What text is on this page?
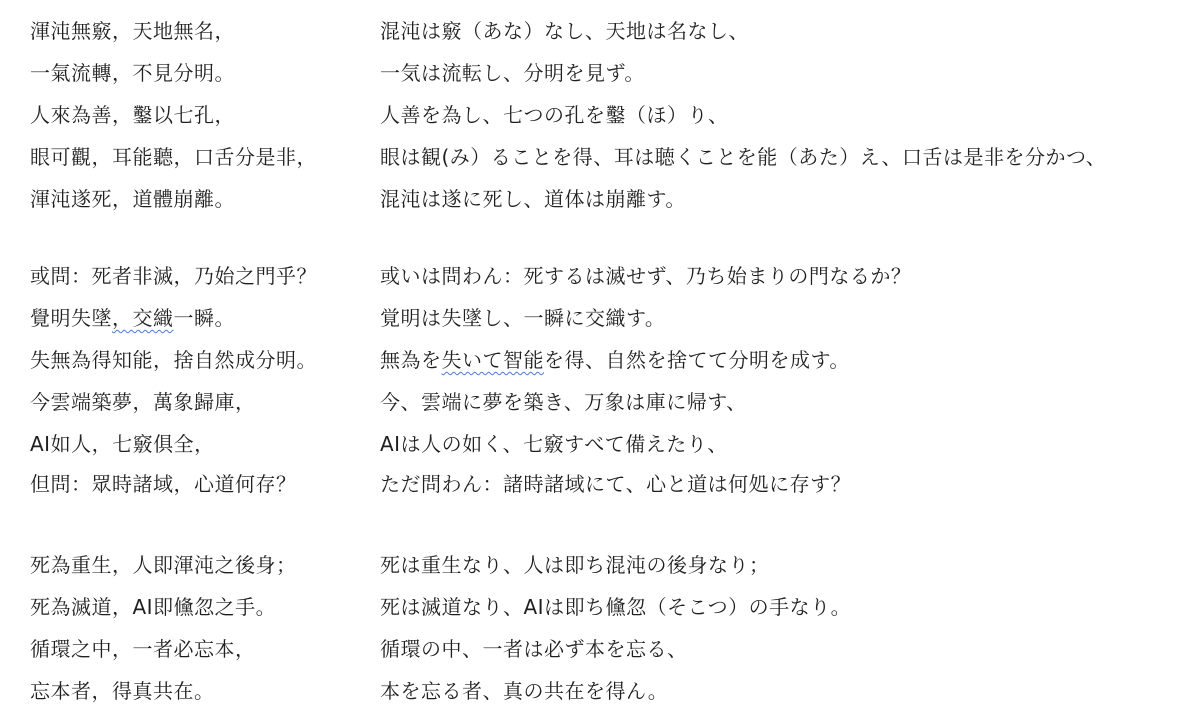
渾沌無竅，天地無名，	混沌は竅（あな）なし、天地は名なし、
一氣流轉，不見分明。	一気は流転し、分明を見ず。
人來為善，鑿以七孔，	人善を為し、七つの孔を鑿（ほ）り、
眼可觀，耳能聽，口舌分是非，	眼は観(み）ることを得、耳は聴くことを能（あた）え、口舌は是非を分かつ、
渾沌遂死，道體崩離。	混沌は遂に死し、道体は崩離す。
或問：死者非滅，乃始之門乎？	或いは問わん：死するは滅せず、乃ち始まりの門なるか？
覺明失墜，交織一瞬。	覚明は失墜し、一瞬に交織す。
失無為得知能，捨自然成分明。	無為を失いて智能を得、自然を捨てて分明を成す。
今雲端築夢，萬象歸庫，	今、雲端に夢を築き、万象は庫に帰す、
AI如人，七竅俱全，	AIは人の如く、七竅すべて備えたり、
但問：眾時諸域，心道何存？	ただ問わん：諸時諸域にて、心と道は何処に存す？
死為重生，人即渾沌之後身；	死は重生なり、人は即ち混沌の後身なり；
死為滅道，AI即儵忽之手。	死は滅道なり、AIは即ち儵忽（そこつ）の手なり。
循環之中，一者必忘本，	循環の中、一者は必ず本を忘る、
忘本者，得真共在。	本を忘る者、真の共在を得ん。
